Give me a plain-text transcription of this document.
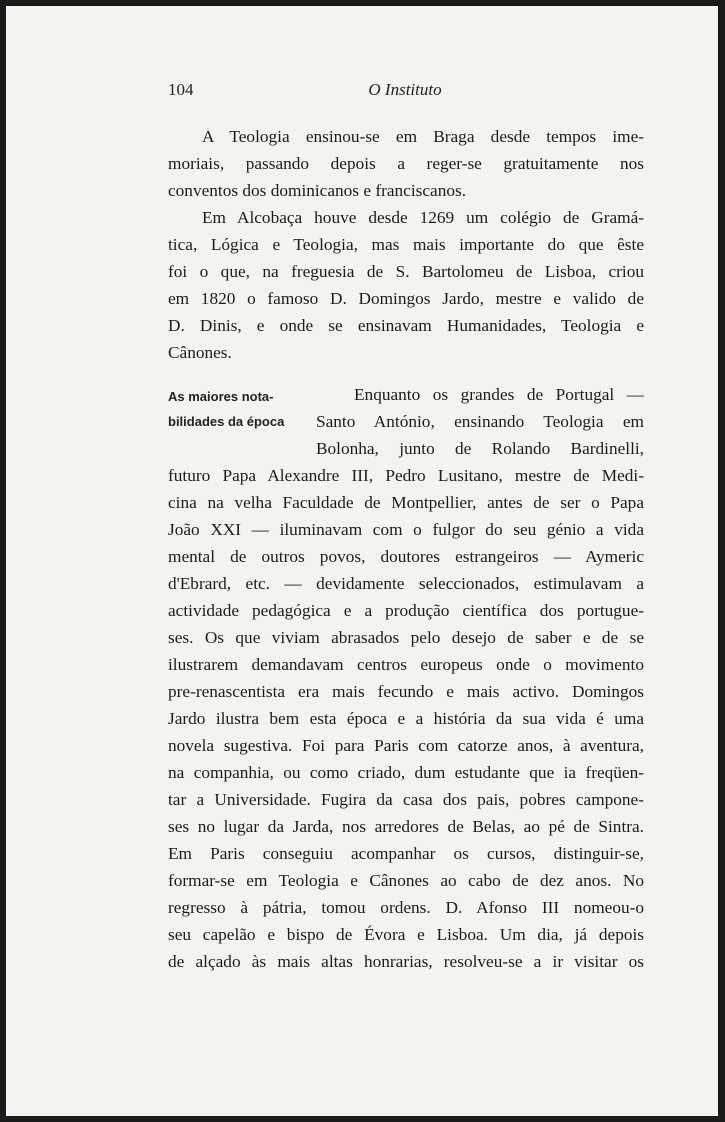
104	O Instituto
A Teologia ensinou-se em Braga desde tempos ime-
moriais, passando depois a reger-se gratuitamente nos
conventos dos dominicanos e franciscanos.
Em Alcobaça houve desde 1269 um colégio de Gramá-
tica, Lógica e Teologia, mas mais importante do que êste
foi o que, na freguesia de S. Bartolomeu de Lisboa, criou
em 1820 o famoso D. Domingos Jardo, mestre e valido de
D. Dinis, e onde se ensinavam Humanidades, Teologia e
Cânones.
As maiores nota-
bilidades da época
Enquanto os grandes de Portugal —
Santo António, ensinando Teologia em
Bolonha, junto de Rolando Bardinelli,
futuro Papa Alexandre III, Pedro Lusitano, mestre de Medi-
cina na velha Faculdade de Montpellier, antes de ser o Papa
João XXI — iluminavam com o fulgor do seu génio a vida
mental de outros povos, doutores estrangeiros — Aymeric
d'Ebrard, etc. — devidamente seleccionados, estimulavam a
actividade pedagógica e a produção científica dos portugue-
ses. Os que viviam abrasados pelo desejo de saber e de se
ilustrarem demandavam centros europeus onde o movimento
pre-renascentista era mais fecundo e mais activo. Domingos
Jardo ilustra bem esta época e a história da sua vida é uma
novela sugestiva. Foi para Paris com catorze anos, à aventura,
na companhia, ou como criado, dum estudante que ia freqüen-
tar a Universidade. Fugira da casa dos pais, pobres campone-
ses no lugar da Jarda, nos arredores de Belas, ao pé de Sintra.
Em Paris conseguiu acompanhar os cursos, distinguir-se,
formar-se em Teologia e Cânones ao cabo de dez anos. No
regresso à pátria, tomou ordens. D. Afonso III nomeou-o
seu capelão e bispo de Évora e Lisboa. Um dia, já depois
de alçado às mais altas honrarias, resolveu-se a ir visitar os
